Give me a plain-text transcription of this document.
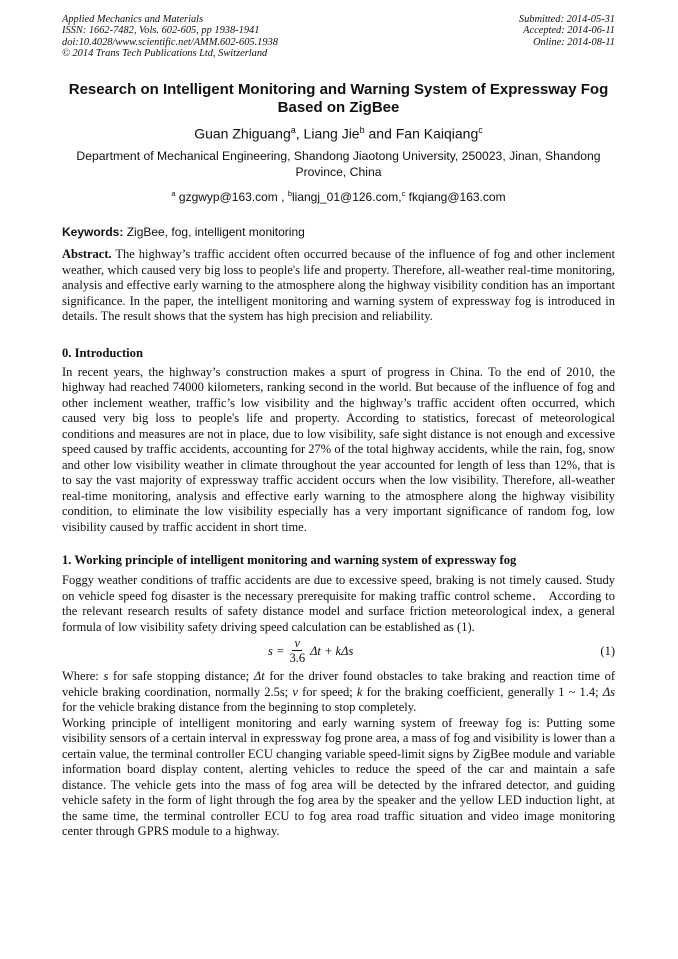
Applied Mechanics and Materials
ISSN: 1662-7482, Vols. 602-605, pp 1938-1941
doi:10.4028/www.scientific.net/AMM.602-605.1938
© 2014 Trans Tech Publications Ltd, Switzerland
Submitted: 2014-05-31
Accepted: 2014-06-11
Online: 2014-08-11
Research on Intelligent Monitoring and Warning System of Expressway Fog Based on ZigBee
Guan Zhiguang$^a$, Liang Jie$^b$ and Fan Kaiqiang$^c$
Department of Mechanical Engineering, Shandong Jiaotong University, 250023, Jinan, Shandong Province, China
$^a$ gzgwyp@163.com , $^b$liangj_01@126.com,$^c$ fkqiang@163.com
Keywords: ZigBee, fog, intelligent monitoring
Abstract. The highway’s traffic accident often occurred because of the influence of fog and other inclement weather, which caused very big loss to people's life and property. Therefore, all-weather real-time monitoring, analysis and effective early warning to the atmosphere along the highway visibility condition has an important significance. In the paper, the intelligent monitoring and warning system of expressway fog is introduced in details. The result shows that the system has high precision and reliability.
0. Introduction
In recent years, the highway’s construction makes a spurt of progress in China. To the end of 2010, the highway had reached 74000 kilometers, ranking second in the world. But because of the influence of fog and other inclement weather, traffic’s low visibility and the highway’s traffic accident often occurred, which caused very big loss to people's life and property. According to statistics, forecast of meteorological conditions and measures are not in place, due to low visibility, safe sight distance is not enough and excessive speed caused by traffic accidents, accounting for 27% of the total highway accidents, while the rain, fog, snow and other low visibility weather in climate throughout the year accounted for length of less than 12%, that is to say the vast majority of expressway traffic accident occurs when the low visibility. Therefore, all-weather real-time monitoring, analysis and effective early warning to the atmosphere along the highway visibility condition, to eliminate the low visibility especially has a very important significance of random fog, low visibility caused by traffic accident in short time.
1. Working principle of intelligent monitoring and warning system of expressway fog
Foggy weather conditions of traffic accidents are due to excessive speed, braking is not timely caused. Study on vehicle speed fog disaster is the necessary prerequisite for making traffic control scheme． According to the relevant research results of safety distance model and surface friction meteorological index, a general formula of low visibility safety driving speed calculation can be established as (1).
$s = \frac{v}{3.6}$ Δt + kΔs	(1)
Where: s for safe stopping distance; Δt for the driver found obstacles to take braking and reaction time of vehicle braking coordination, normally 2.5s; v for speed; k for the braking coefficient, generally 1 ~ 1.4; Δs for the vehicle braking distance from the beginning to stop completely.
Working principle of intelligent monitoring and early warning system of freeway fog is: Putting some visibility sensors of a certain interval in expressway fog prone area, a mass of fog and visibility is lower than a certain value, the terminal controller ECU changing variable speed-limit signs by ZigBee module and variable information board display content, alerting vehicles to reduce the speed of the car and maintain a safe distance. The vehicle gets into the mass of fog area will be detected by the infrared detector, and guiding vehicle safety in the form of light through the fog area by the speaker and the yellow LED induction light, at the same time, the terminal controller ECU to fog area road traffic situation and video image monitoring center through GPRS module to a highway.
